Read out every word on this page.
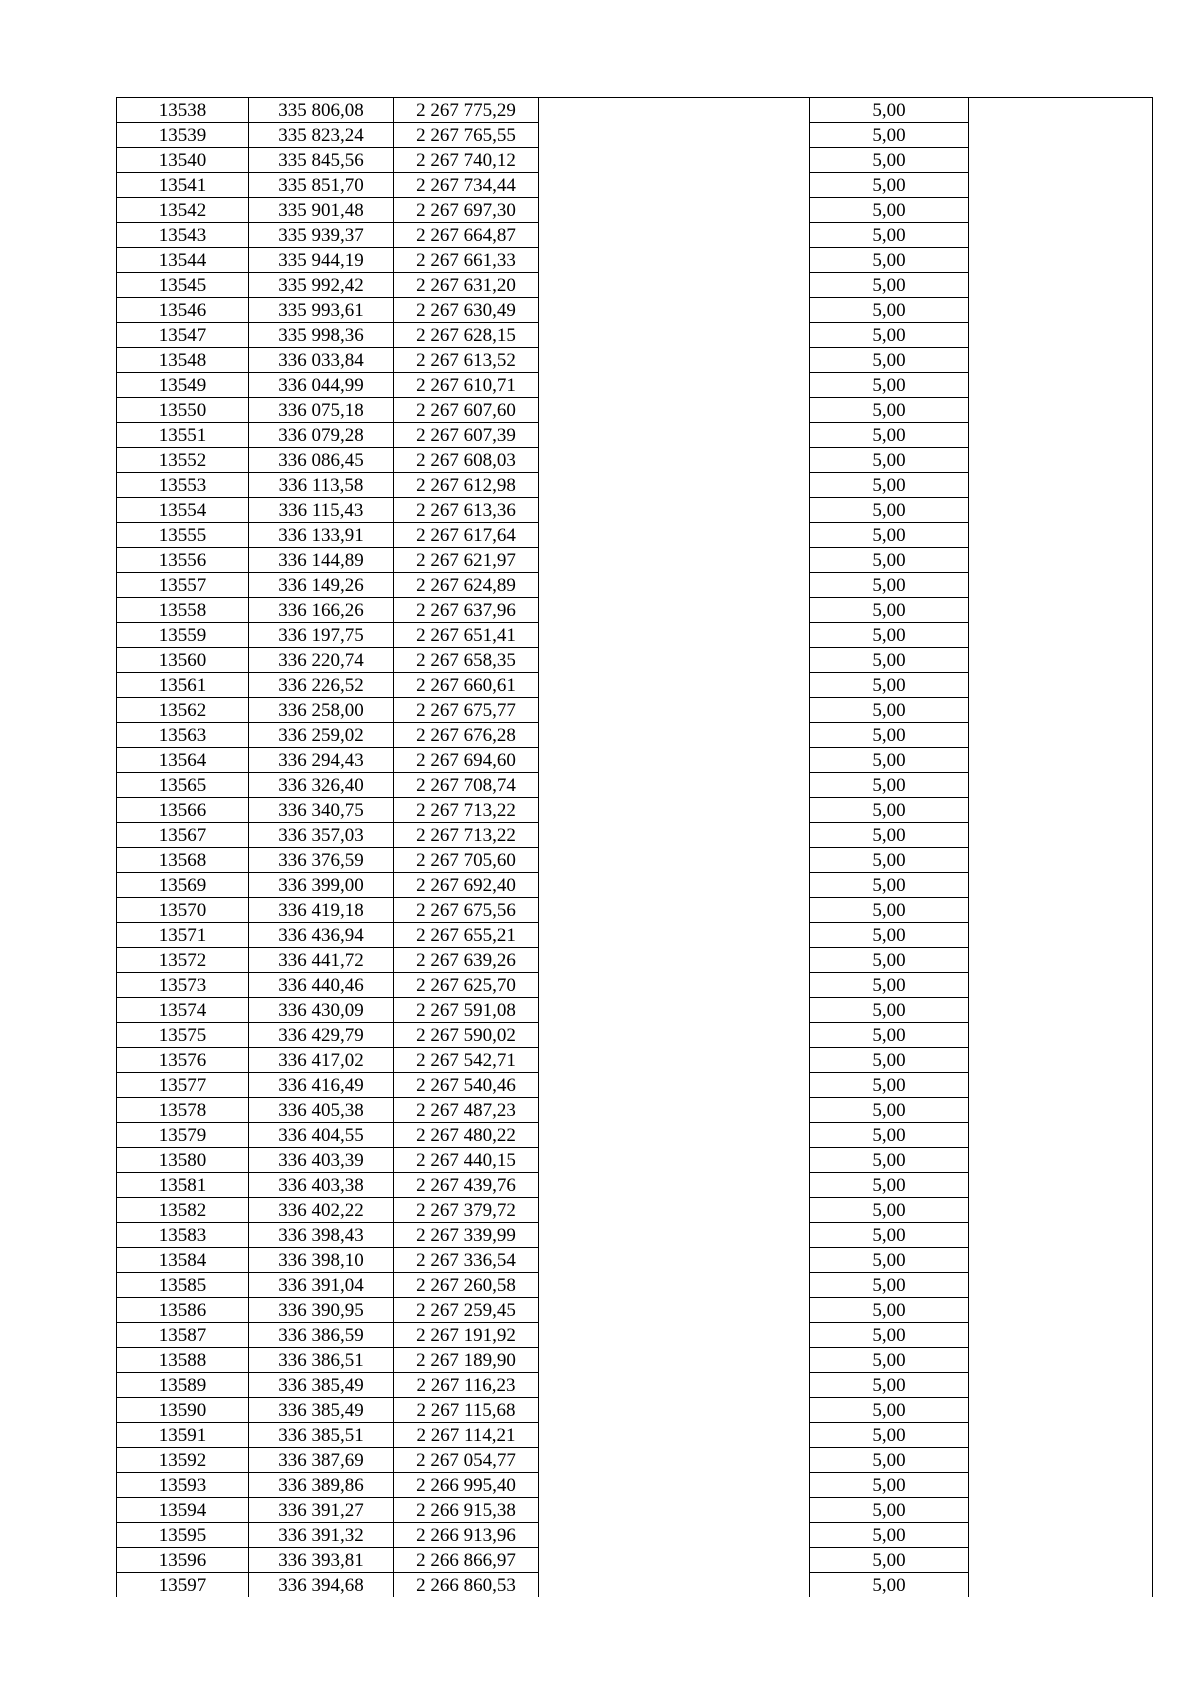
13538	335 806,08	2 267 775,29		5,00	
13539	335 823,24	2 267 765,55		5,00	
13540	335 845,56	2 267 740,12		5,00	
13541	335 851,70	2 267 734,44		5,00	
13542	335 901,48	2 267 697,30		5,00	
13543	335 939,37	2 267 664,87		5,00	
13544	335 944,19	2 267 661,33		5,00	
13545	335 992,42	2 267 631,20		5,00	
13546	335 993,61	2 267 630,49		5,00	
13547	335 998,36	2 267 628,15		5,00	
13548	336 033,84	2 267 613,52		5,00	
13549	336 044,99	2 267 610,71		5,00	
13550	336 075,18	2 267 607,60		5,00	
13551	336 079,28	2 267 607,39		5,00	
13552	336 086,45	2 267 608,03		5,00	
13553	336 113,58	2 267 612,98		5,00	
13554	336 115,43	2 267 613,36		5,00	
13555	336 133,91	2 267 617,64		5,00	
13556	336 144,89	2 267 621,97		5,00	
13557	336 149,26	2 267 624,89		5,00	
13558	336 166,26	2 267 637,96		5,00	
13559	336 197,75	2 267 651,41		5,00	
13560	336 220,74	2 267 658,35		5,00	
13561	336 226,52	2 267 660,61		5,00	
13562	336 258,00	2 267 675,77		5,00	
13563	336 259,02	2 267 676,28		5,00	
13564	336 294,43	2 267 694,60		5,00	
13565	336 326,40	2 267 708,74		5,00	
13566	336 340,75	2 267 713,22		5,00	
13567	336 357,03	2 267 713,22		5,00	
13568	336 376,59	2 267 705,60		5,00	
13569	336 399,00	2 267 692,40		5,00	
13570	336 419,18	2 267 675,56		5,00	
13571	336 436,94	2 267 655,21		5,00	
13572	336 441,72	2 267 639,26		5,00	
13573	336 440,46	2 267 625,70		5,00	
13574	336 430,09	2 267 591,08		5,00	
13575	336 429,79	2 267 590,02		5,00	
13576	336 417,02	2 267 542,71		5,00	
13577	336 416,49	2 267 540,46		5,00	
13578	336 405,38	2 267 487,23		5,00	
13579	336 404,55	2 267 480,22		5,00	
13580	336 403,39	2 267 440,15		5,00	
13581	336 403,38	2 267 439,76		5,00	
13582	336 402,22	2 267 379,72		5,00	
13583	336 398,43	2 267 339,99		5,00	
13584	336 398,10	2 267 336,54		5,00	
13585	336 391,04	2 267 260,58		5,00	
13586	336 390,95	2 267 259,45		5,00	
13587	336 386,59	2 267 191,92		5,00	
13588	336 386,51	2 267 189,90		5,00	
13589	336 385,49	2 267 116,23		5,00	
13590	336 385,49	2 267 115,68		5,00	
13591	336 385,51	2 267 114,21		5,00	
13592	336 387,69	2 267 054,77		5,00	
13593	336 389,86	2 266 995,40		5,00	
13594	336 391,27	2 266 915,38		5,00	
13595	336 391,32	2 266 913,96		5,00	
13596	336 393,81	2 266 866,97		5,00	
13597	336 394,68	2 266 860,53		5,00	
